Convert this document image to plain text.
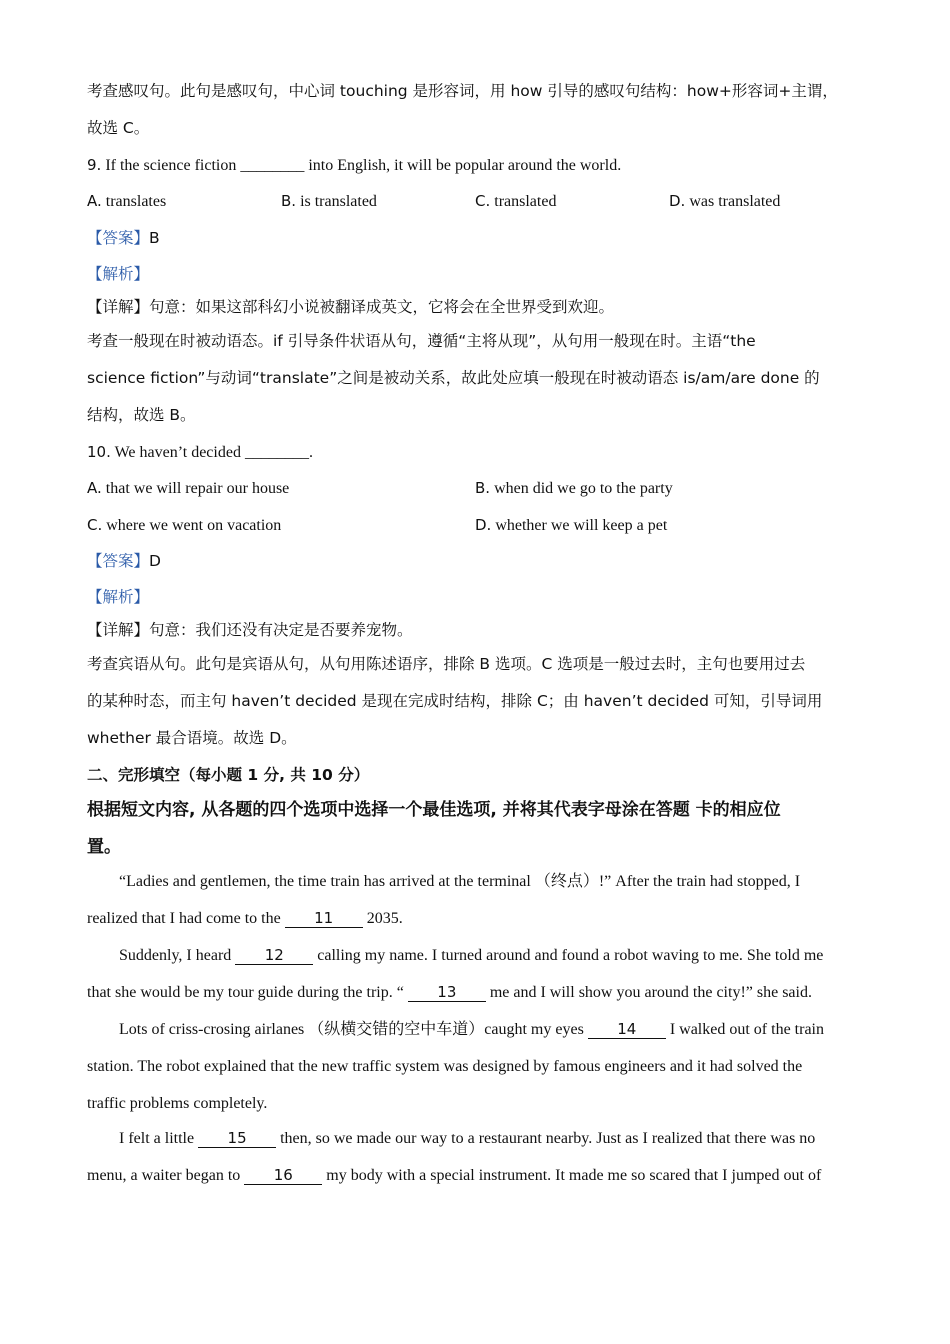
考查感叹句。此句是感叹句，中心词 touching 是形容词，用 how 引导的感叹句结构：how+形容词+主谓，
故选 C。
9. If the science fiction ________ into English, it will be popular around the world.
A. translates	B. is translated	C. translated	D. was translated
【答案】B
【解析】
【详解】句意：如果这部科幻小说被翻译成英文，它将会在全世界受到欢迎。
考查一般现在时被动语态。if 引导条件状语从句，遵循“主将从现”，从句用一般现在时。主语“the
science fiction”与动词“translate”之间是被动关系，故此处应填一般现在时被动语态 is/am/are done 的
结构，故选 B。
10. We haven’t decided ________.
A. that we will repair our house	B. when did we go to the party
C. where we went on vacation	D. whether we will keep a pet
【答案】D
【解析】
【详解】句意：我们还没有决定是否要养宠物。
考查宾语从句。此句是宾语从句，从句用陈述语序，排除 B 选项。C 选项是一般过去时，主句也要用过去
的某种时态，而主句 haven’t decided 是现在完成时结构，排除 C；由 haven’t decided 可知，引导词用
whether 最合语境。故选 D。
二、完形填空（每小题 1 分, 共 10 分）
根据短文内容, 从各题的四个选项中选择一个最佳选项, 并将其代表字母涂在答题 卡的相应位
置。
“Ladies and gentlemen, the time train has arrived at the terminal （终点）!” After the train had stopped, I
realized that I had come to the 11 2035.
Suddenly, I heard 12 calling my name. I turned around and found a robot waving to me. She told me
that she would be my tour guide during the trip. “ 13 me and I will show you around the city!” she said.
Lots of criss-crosing airlanes （纵横交错的空中车道）caught my eyes 14 I walked out of the train
station. The robot explained that the new traffic system was designed by famous engineers and it had solved the
traffic problems completely.
I felt a little 15 then, so we made our way to a restaurant nearby. Just as I realized that there was no
menu, a waiter began to 16 my body with a special instrument. It made me so scared that I jumped out of
